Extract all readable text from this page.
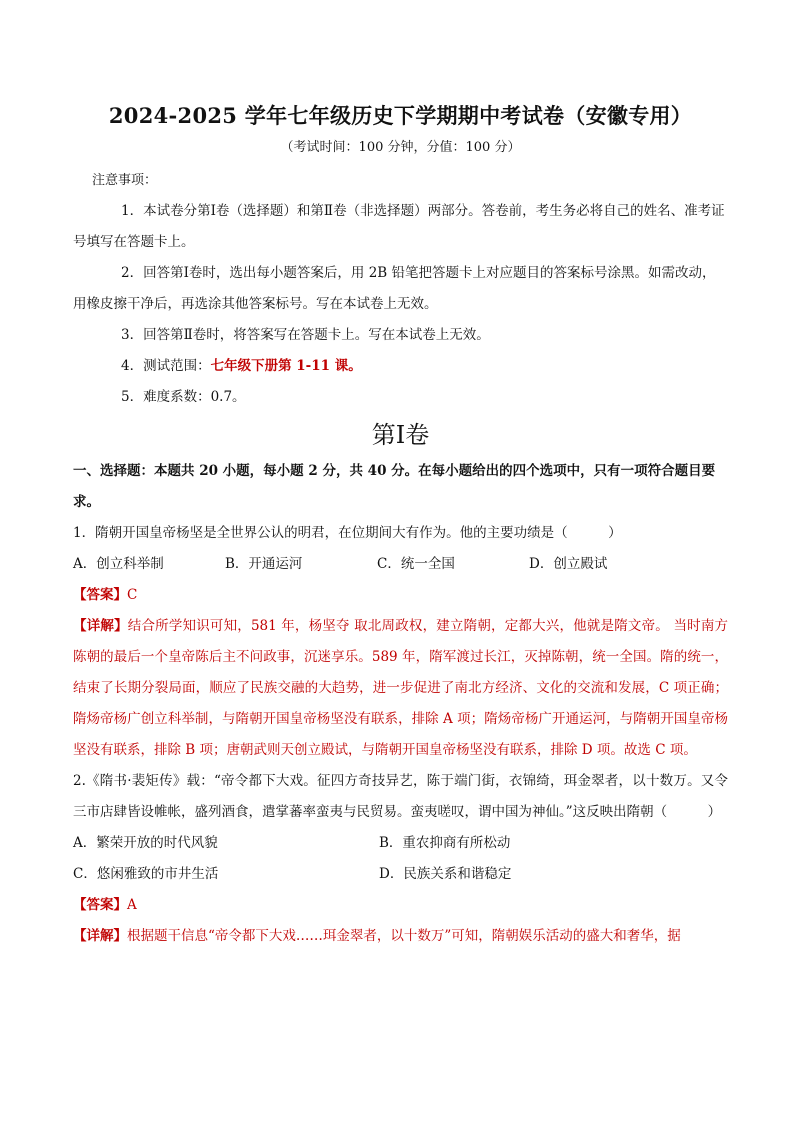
2024-2025 学年七年级历史下学期期中考试卷（安徽专用）
（考试时间：100 分钟，分值：100 分）
注意事项：

1．本试卷分第Ⅰ卷（选择题）和第Ⅱ卷（非选择题）两部分。答卷前，考生务必将自己的姓名、准考证号填写在答题卡上。

2．回答第Ⅰ卷时，选出每小题答案后，用 2B 铅笔把答题卡上对应题目的答案标号涂黑。如需改动，用橡皮擦干净后，再选涂其他答案标号。写在本试卷上无效。

3．回答第Ⅱ卷时，将答案写在答题卡上。写在本试卷上无效。

4．测试范围：七年级下册第 1-11 课。

5．难度系数：0.7。

第Ⅰ卷

一、选择题：本题共 20 小题，每小题 2 分，共 40 分。在每小题给出的四个选项中，只有一项符合题目要求。

1．隋朝开国皇帝杨坚是全世界公认的明君，在位期间大有作为。他的主要功绩是（　　　）

A．创立科举制	B．开通运河	C．统一全国	D．创立殿试

【答案】C

【详解】结合所学知识可知，581 年，杨坚夺 取北周政权，建立隋朝，定都大兴，他就是隋文帝。 当时南方陈朝的最后一个皇帝陈后主不问政事，沉迷享乐。589 年，隋军渡过长江，灭掉陈朝，统一全国。隋的统一，结束了长期分裂局面，顺应了民族交融的大趋势，进一步促进了南北方经济、文化的交流和发展，C 项正确；隋炀帝杨广创立科举制，与隋朝开国皇帝杨坚没有联系，排除 A 项；隋炀帝杨广开通运河，与隋朝开国皇帝杨坚没有联系，排除 B 项；唐朝武则天创立殿试，与隋朝开国皇帝杨坚没有联系，排除 D 项。故选 C 项。

2.《隋书·裴矩传》载：“帝令都下大戏。征四方奇技异艺，陈于端门街，衣锦绮，珥金翠者，以十数万。又令三市店肆皆设帷帐，盛列酒食，遣掌蕃率蛮夷与民贸易。蛮夷嗟叹，谓中国为神仙。”这反映出隋朝（　　　）

A．繁荣开放的时代风貌	B．重农抑商有所松动
C．悠闲雅致的市井生活	D．民族关系和谐稳定

【答案】A

【详解】根据题干信息“帝令都下大戏……珥金翠者，以十数万”可知，隋朝娱乐活动的盛大和奢华，据
